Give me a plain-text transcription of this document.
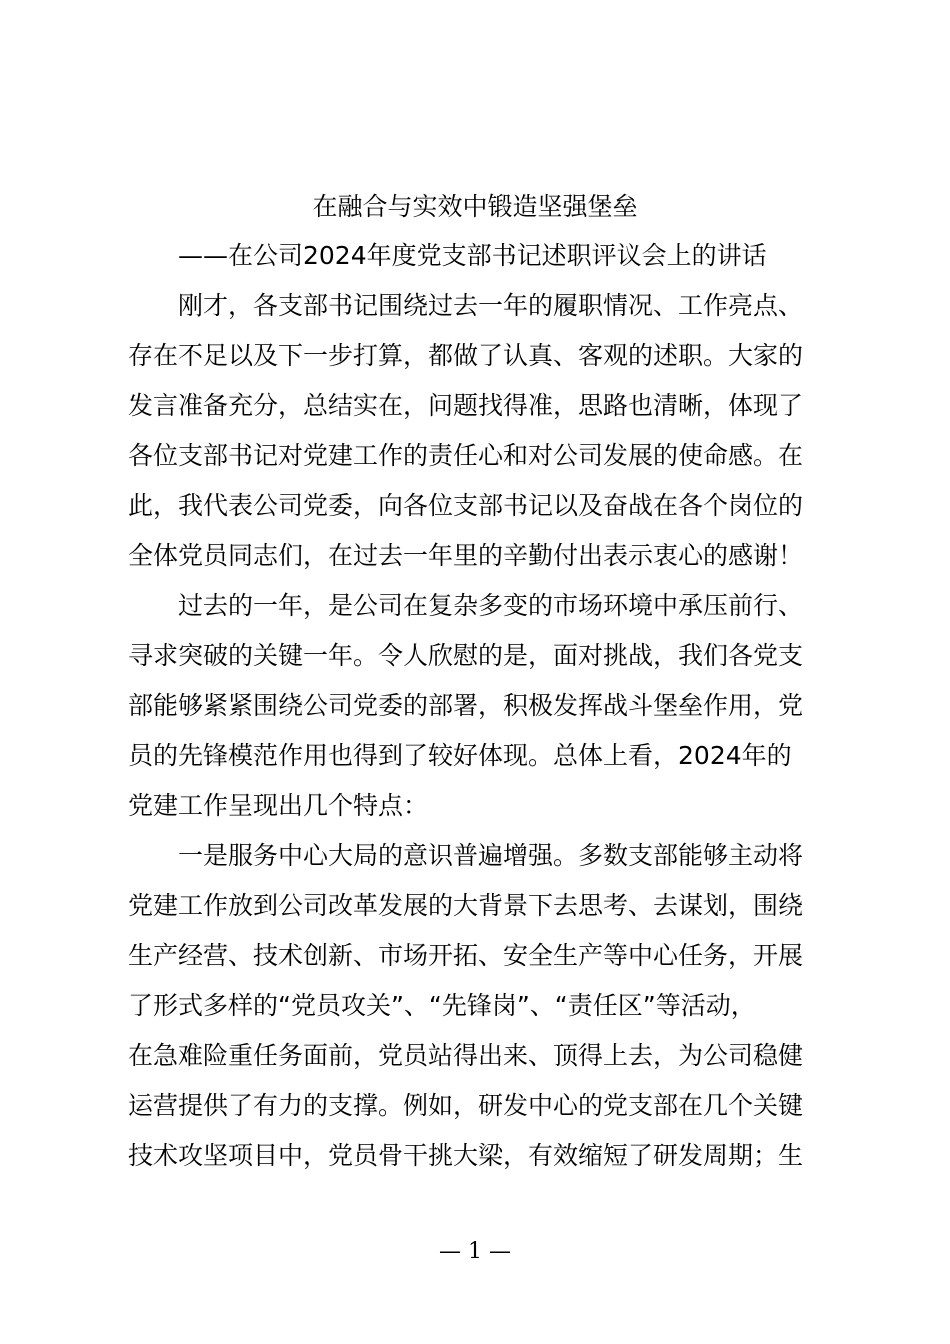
在融合与实效中锻造坚强堡垒
——在公司2024年度党支部书记述职评议会上的讲话
刚才，各支部书记围绕过去一年的履职情况、工作亮点、
存在不足以及下一步打算，都做了认真、客观的述职。大家的
发言准备充分，总结实在，问题找得准，思路也清晰，体现了
各位支部书记对党建工作的责任心和对公司发展的使命感。在
此，我代表公司党委，向各位支部书记以及奋战在各个岗位的
全体党员同志们，在过去一年里的辛勤付出表示衷心的感谢！
过去的一年，是公司在复杂多变的市场环境中承压前行、
寻求突破的关键一年。令人欣慰的是，面对挑战，我们各党支
部能够紧紧围绕公司党委的部署，积极发挥战斗堡垒作用，党
员的先锋模范作用也得到了较好体现。总体上看，2024年的
党建工作呈现出几个特点：
一是服务中心大局的意识普遍增强。多数支部能够主动将
党建工作放到公司改革发展的大背景下去思考、去谋划，围绕
生产经营、技术创新、市场开拓、安全生产等中心任务，开展
了形式多样的“党员攻关”、“先锋岗”、“责任区”等活动，
在急难险重任务面前，党员站得出来、顶得上去，为公司稳健
运营提供了有力的支撑。例如，研发中心的党支部在几个关键
技术攻坚项目中，党员骨干挑大梁，有效缩短了研发周期；生
— 1 —
